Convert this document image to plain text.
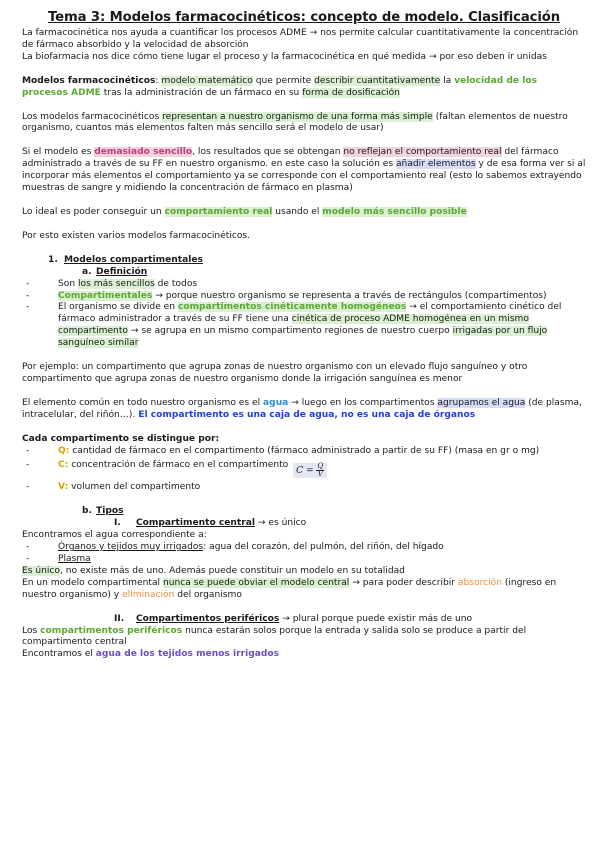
Tema 3: Modelos farmacocinéticos: concepto de modelo. Clasificación

La farmacocinética nos ayuda a cuantificar los procesos ADME → nos permite calcular cuantitativamente la concentración de fármaco absorbido y la velocidad de absorción

La biofarmacia nos dice cómo tiene lugar el proceso y la farmacocinética en qué medida → por eso deben ir unidas

Modelos farmacocinéticos: modelo matemático que permite describir cuantitativamente la velocidad de los procesos ADME tras la administración de un fármaco en su forma de dosificación

Los modelos farmacocinéticos representan a nuestro organismo de una forma más simple (faltan elementos de nuestro organismo, cuantos más elementos falten más sencillo será el modelo de usar)

Si el modelo es demasiado sencillo, los resultados que se obtengan no reflejan el comportamiento real del fármaco administrado a través de su FF en nuestro organismo. en este caso la solución es añadir elementos y de esa forma ver si al incorporar más elementos el comportamiento ya se corresponde con el comportamiento real (esto lo sabemos extrayendo muestras de sangre y midiendo la concentración de fármaco en plasma)

Lo ideal es poder conseguir un comportamiento real usando el modelo más sencillo posible

Por esto existen varios modelos farmacocinéticos.

1. Modelos compartimentales
a. Definición
- Son los más sencillos de todos
- Compartimentales → porque nuestro organismo se representa a través de rectángulos (compartimentos)
- El organismo se divide en compartimentos cinéticamente homogéneos → el comportamiento cinético del fármaco administrador a través de su FF tiene una cinética de proceso ADME homogénea en un mismo compartimento → se agrupa en un mismo compartimento regiones de nuestro cuerpo irrigadas por un flujo sanguíneo similar

Por ejemplo: un compartimento que agrupa zonas de nuestro organismo con un elevado flujo sanguíneo y otro compartimento que agrupa zonas de nuestro organismo donde la irrigación sanguínea es menor

El elemento común en todo nuestro organismo es el agua → luego en los compartimentos agrupamos el agua (de plasma, intracelular, del riñón…). El compartimento es una caja de agua, no es una caja de órganos

Cada compartimento se distingue por:

- Q: cantidad de fármaco en el compartimento (fármaco administrado a partir de su FF) (masa en gr o mg)
- C: concentración de fármaco en el compartimento $C = \frac{Q}{V}$
- V: volumen del compartimento
b. Tipos
I. Compartimento central → es único

Encontramos el agua correspondiente a:

- Órganos y tejidos muy irrigados: agua del corazón, del pulmón, del riñón, del hígado
- Plasma

Es único, no existe más de uno. Además puede constituir un modelo en su totalidad

En un modelo compartimental nunca se puede obviar el modelo central → para poder describir absorción (ingreso en nuestro organismo) y eliminación del organismo

II. Compartimentos periféricos → plural porque puede existir más de uno

Los compartimentos periféricos nunca estarán solos porque la entrada y salida solo se produce a partir del compartimento central

Encontramos el agua de los tejidos menos irrigados
